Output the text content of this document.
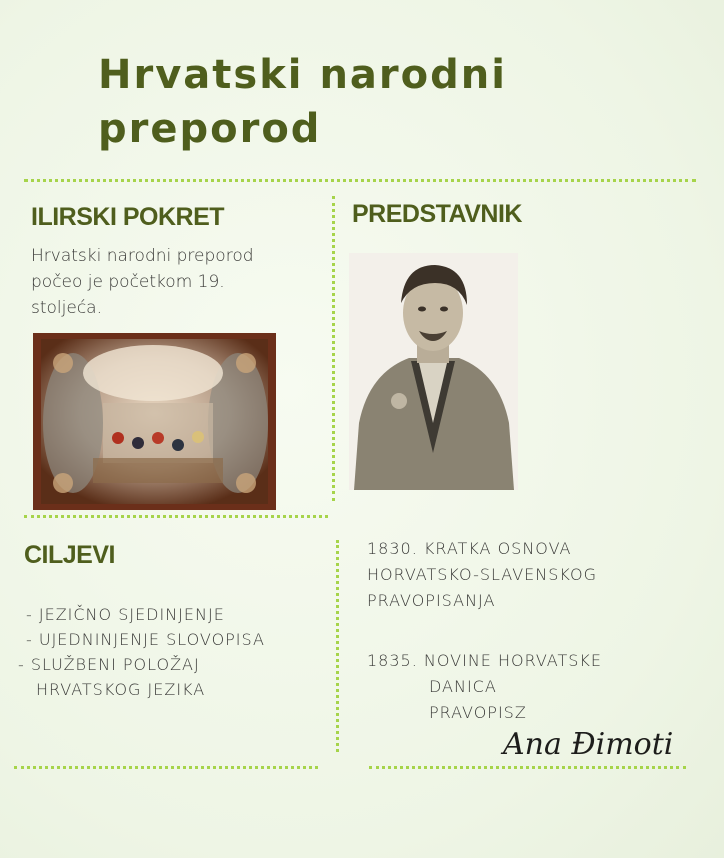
Hrvatski narodni preporod
ILIRSKI POKRET
Hrvatski narodni preporod
počeo je početkom 19.
stoljeća.
PREDSTAVNIK
CILJEVI
- JEZIČNO SJEDINJENJE
- UJEDNINJENJE SLOVOPISA
- SLUŽBENI POLOŽAJ
HRVATSKOG JEZIKA
1830. KRATKA OSNOVA
HORVATSKO-SLAVENSKOG
PRAVOPISANJA
1835. NOVINE HORVATSKE
DANICA
PRAVOPISZ
Ana Đimoti
